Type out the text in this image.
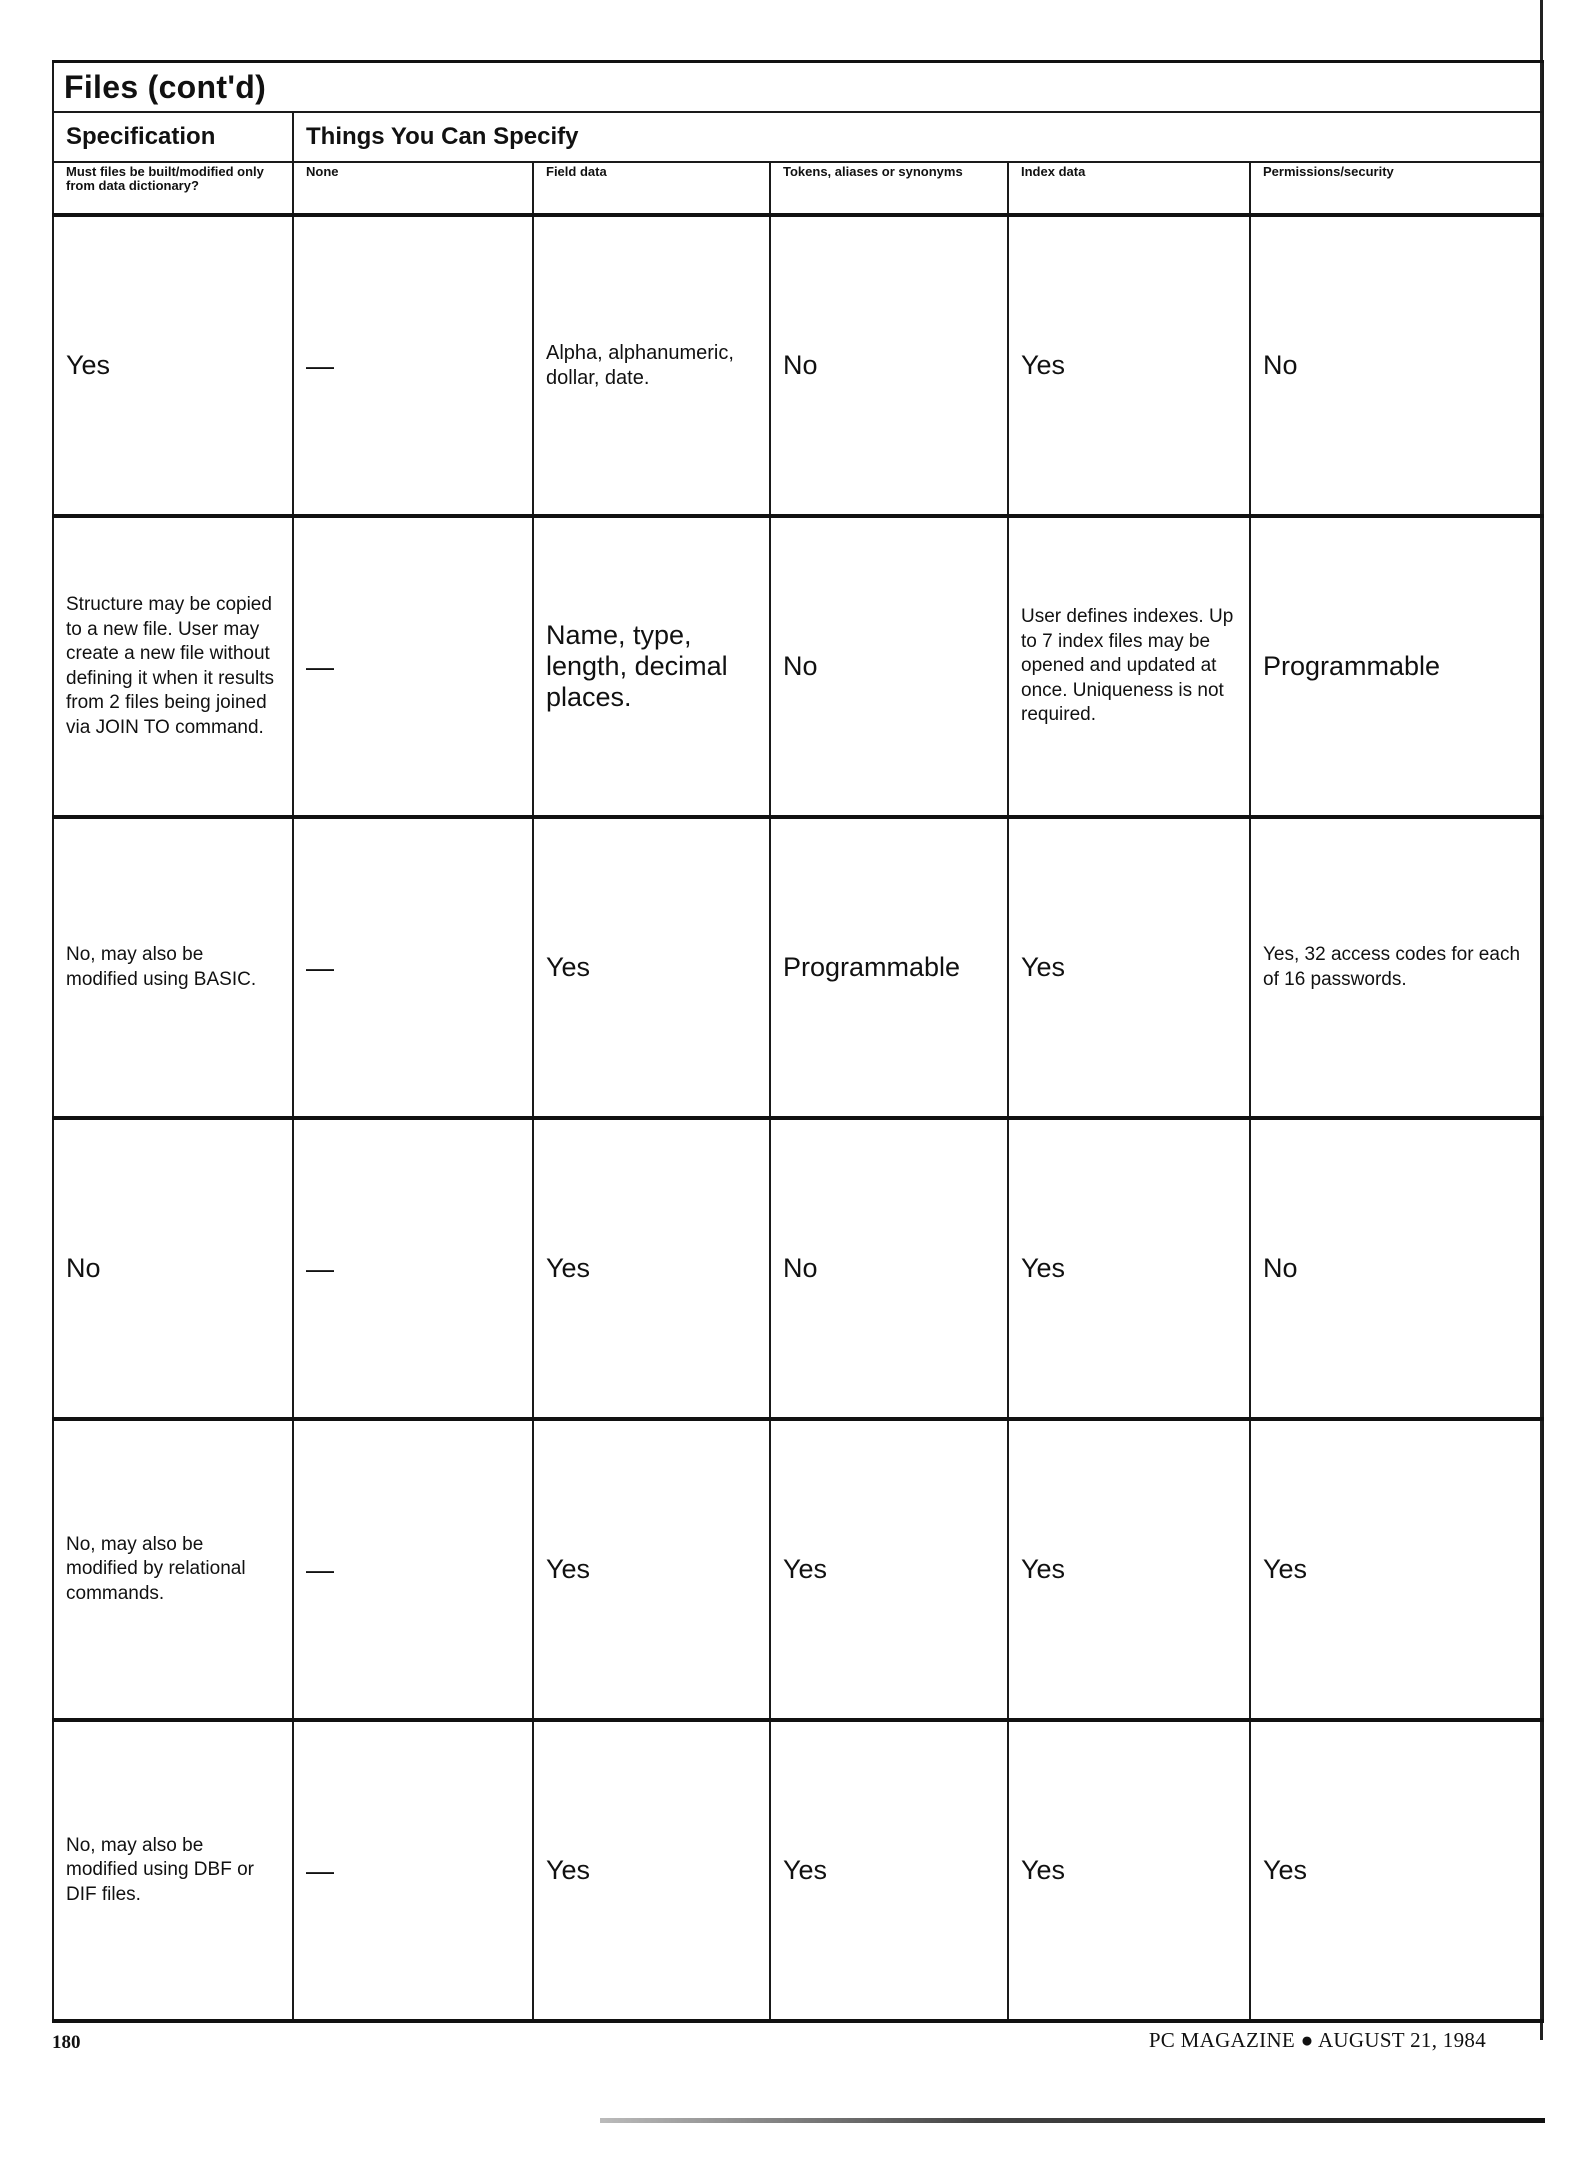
Files (cont'd)					
Specification	Things You Can Specify				
Must files be built/modified only from data dictionary?	None	Field data	Tokens, aliases or synonyms	Index data	Permissions/security
Yes	—	Alpha, alphanumeric, dollar, date.	No	Yes	No
Structure may be copied to a new file. User may create a new file without defining it when it results from 2 files being joined via JOIN TO command.	—	Name, type, length, decimal places.	No	User defines indexes. Up to 7 index files may be opened and updated at once. Uniqueness is not required.	Programmable
No, may also be modified using BASIC.	—	Yes	Programmable	Yes	Yes, 32 access codes for each of 16 passwords.
No	—	Yes	No	Yes	No
No, may also be modified by relational commands.	—	Yes	Yes	Yes	Yes
No, may also be modified using DBF or DIF files.	—	Yes	Yes	Yes	Yes
180	PC MAGAZINE ● AUGUST 21, 1984
